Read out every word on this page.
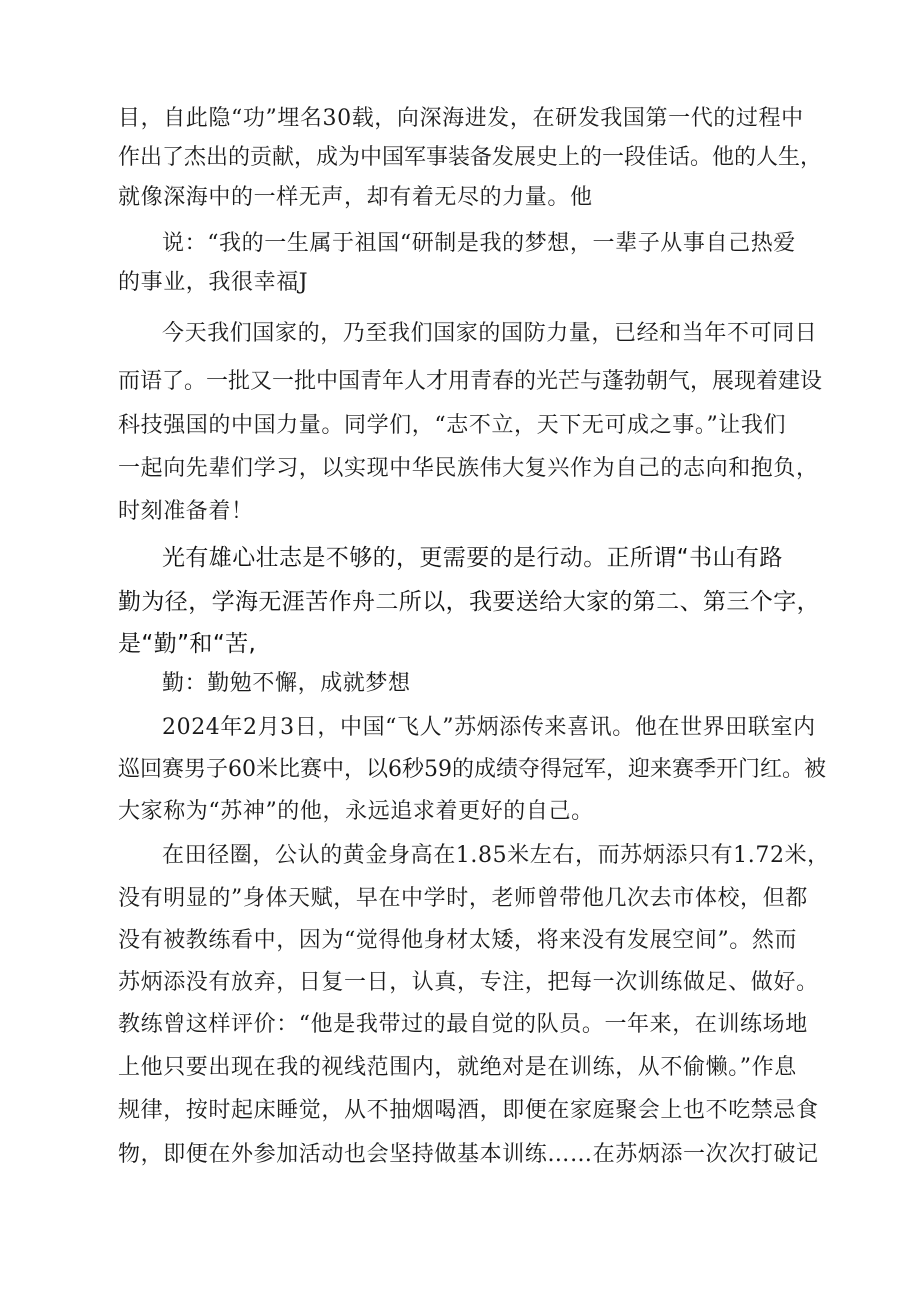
目，自此隐“功”埋名30载，向深海进发，在研发我国第一代的过程中
作出了杰出的贡献，成为中国军事装备发展史上的一段佳话。他的人生，
就像深海中的一样无声，却有着无尽的力量。他
说：“我的一生属于祖国“研制是我的梦想，一辈子从事自己热爱
的事业，我很幸福J
今天我们国家的，乃至我们国家的国防力量，已经和当年不可同日
而语了。一批又一批中国青年人才用青春的光芒与蓬勃朝气，展现着建设
科技强国的中国力量。同学们，“志不立，天下无可成之事。”让我们
一起向先辈们学习，以实现中华民族伟大复兴作为自己的志向和抱负，
时刻准备着！
光有雄心壮志是不够的，更需要的是行动。正所谓“书山有路
勤为径，学海无涯苦作舟二所以，我要送给大家的第二、第三个字，
是“勤”和“苦,
勤：勤勉不懈，成就梦想
2024年2月3日，中国“飞人”苏炳添传来喜讯。他在世界田联室内
巡回赛男子60米比赛中，以6秒59的成绩夺得冠军，迎来赛季开门红。被
大家称为“苏神”的他，永远追求着更好的自己。
在田径圈，公认的黄金身高在1.85米左右，而苏炳添只有1.72米，
没有明显的”身体天赋，早在中学时，老师曾带他几次去市体校，但都
没有被教练看中，因为“觉得他身材太矮，将来没有发展空间”。然而
苏炳添没有放弃，日复一日，认真，专注，把每一次训练做足、做好。
教练曾这样评价：“他是我带过的最自觉的队员。一年来，在训练场地
上他只要出现在我的视线范围内，就绝对是在训练，从不偷懒。”作息
规律，按时起床睡觉，从不抽烟喝酒，即便在家庭聚会上也不吃禁忌食
物，即便在外参加活动也会坚持做基本训练……在苏炳添一次次打破记
